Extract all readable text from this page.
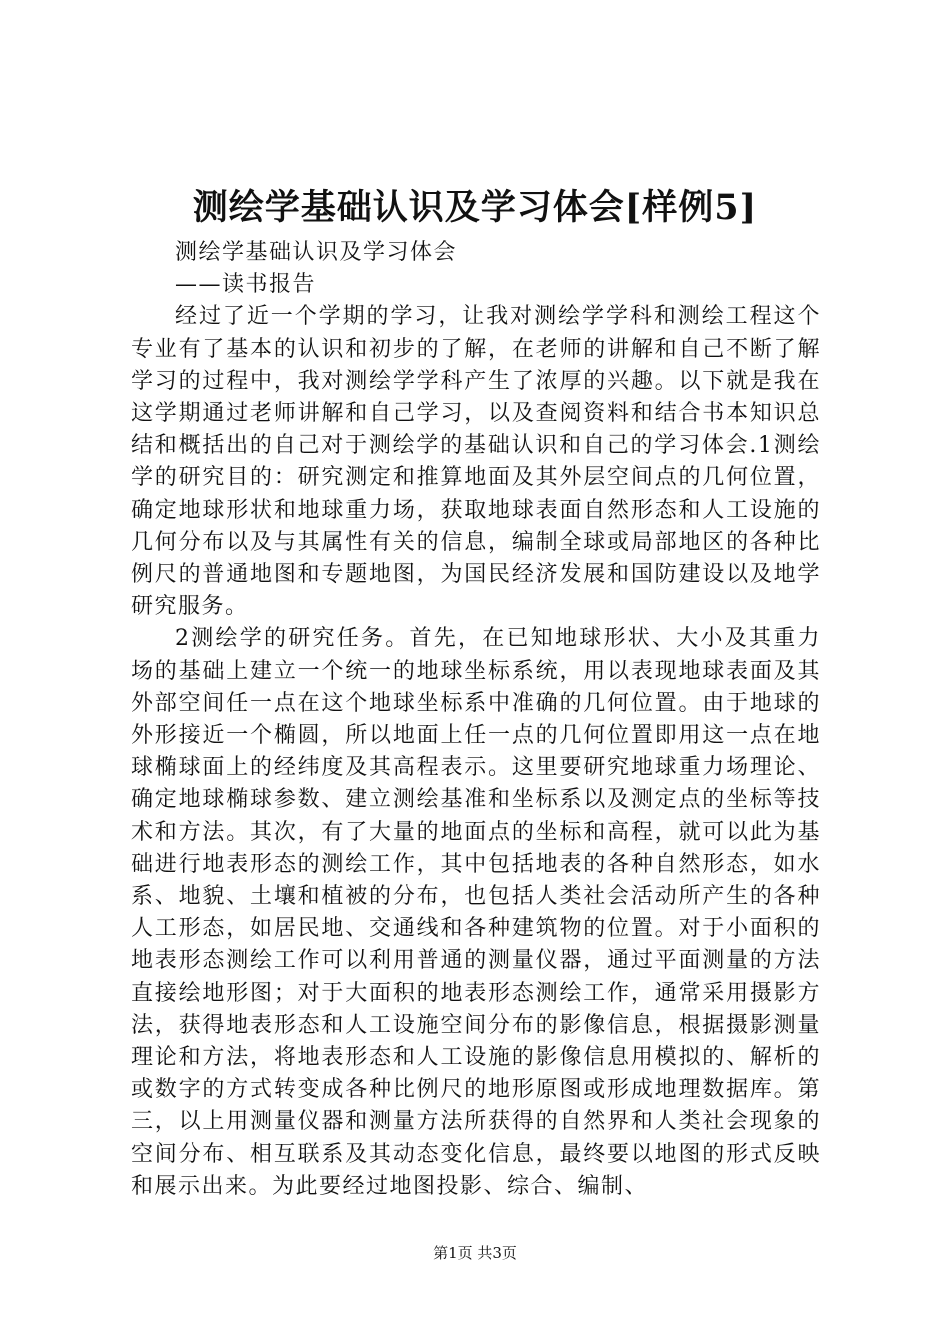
测绘学基础认识及学习体会[样例5]

测绘学基础认识及学习体会

——读书报告

经过了近一个学期的学习，让我对测绘学学科和测绘工程这个专业有了基本的认识和初步的了解，在老师的讲解和自己不断了解学习的过程中，我对测绘学学科产生了浓厚的兴趣。以下就是我在这学期通过老师讲解和自己学习，以及查阅资料和结合书本知识总结和概括出的自己对于测绘学的基础认识和自己的学习体会.1测绘学的研究目的：研究测定和推算地面及其外层空间点的几何位置，确定地球形状和地球重力场，获取地球表面自然形态和人工设施的几何分布以及与其属性有关的信息，编制全球或局部地区的各种比例尺的普通地图和专题地图，为国民经济发展和国防建设以及地学研究服务。

2测绘学的研究任务。首先，在已知地球形状、大小及其重力场的基础上建立一个统一的地球坐标系统，用以表现地球表面及其外部空间任一点在这个地球坐标系中准确的几何位置。由于地球的外形接近一个椭圆，所以地面上任一点的几何位置即用这一点在地球椭球面上的经纬度及其高程表示。这里要研究地球重力场理论、确定地球椭球参数、建立测绘基准和坐标系以及测定点的坐标等技术和方法。其次，有了大量的地面点的坐标和高程，就可以此为基础进行地表形态的测绘工作，其中包括地表的各种自然形态，如水系、地貌、土壤和植被的分布，也包括人类社会活动所产生的各种人工形态，如居民地、交通线和各种建筑物的位置。对于小面积的地表形态测绘工作可以利用普通的测量仪器，通过平面测量的方法直接绘地形图；对于大面积的地表形态测绘工作，通常采用摄影方法，获得地表形态和人工设施空间分布的影像信息，根据摄影测量理论和方法，将地表形态和人工设施的影像信息用模拟的、解析的或数字的方式转变成各种比例尺的地形原图或形成地理数据库。第三，以上用测量仪器和测量方法所获得的自然界和人类社会现象的空间分布、相互联系及其动态变化信息，最终要以地图的形式反映和展示出来。为此要经过地图投影、综合、编制、

第1页 共3页
